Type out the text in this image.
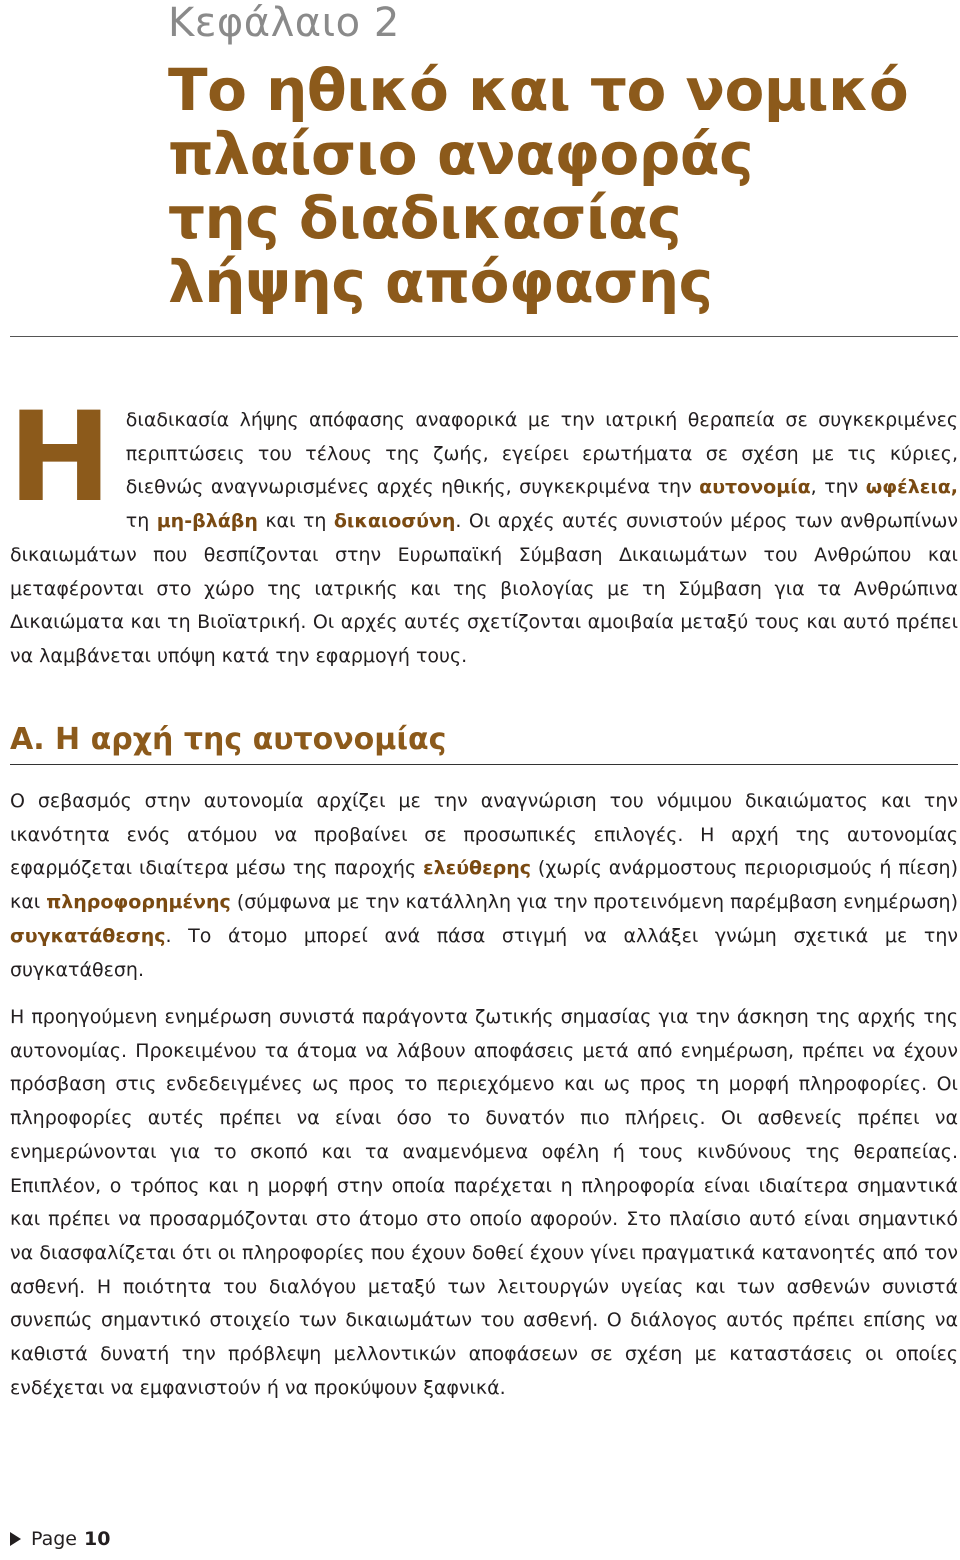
Κεφάλαιο 2
Το ηθικό και το νομικό
πλαίσιο αναφοράς
της διαδικασίας
λήψης απόφασης

Ηδιαδικασία λήψης απόφασης αναφορικά με την ιατρική θεραπεία σε συγκεκριμένες περιπτώσεις του τέλους της ζωής, εγείρει ερωτήματα σε σχέση με τις κύριες, διεθνώς αναγνωρισμένες αρχές ηθικής, συγκεκριμένα την αυτονομία, την ωφέλεια, τη μη-βλάβη και τη δικαιοσύνη. Οι αρχές αυτές συνιστούν μέρος των ανθρωπίνων δικαιωμάτων που θεσπίζονται στην Ευρωπαϊκή Σύμβαση Δικαιωμάτων του Ανθρώπου και μεταφέρονται στο χώρο της ιατρικής και της βιολογίας με τη Σύμβαση για τα Ανθρώπινα Δικαιώματα και τη Βιοϊατρική. Οι αρχές αυτές σχετίζονται αμοιβαία μεταξύ τους και αυτό πρέπει να λαμβάνεται υπόψη κατά την εφαρμογή τους.

Α. Η αρχή της αυτονομίας

Ο σεβασμός στην αυτονομία αρχίζει με την αναγνώριση του νόμιμου δικαιώματος και την ικανότητα ενός ατόμου να προβαίνει σε προσωπικές επιλογές. Η αρχή της αυτονομίας εφαρμόζεται ιδιαίτερα μέσω της παροχής ελεύθερης (χωρίς ανάρμοστους περιορισμούς ή πίεση) και πληροφορημένης (σύμφωνα με την κατάλληλη για την προτεινόμενη παρέμβαση ενημέρωση) συγκατάθεσης. Το άτομο μπορεί ανά πάσα στιγμή να αλλάξει γνώμη σχετικά με την συγκατάθεση.

Η προηγούμενη ενημέρωση συνιστά παράγοντα ζωτικής σημασίας για την άσκηση της αρχής της αυτονομίας. Προκειμένου τα άτομα να λάβουν αποφάσεις μετά από ενημέρωση, πρέπει να έχουν πρόσβαση στις ενδεδειγμένες ως προς το περιεχόμενο και ως προς τη μορφή πληροφορίες. Οι πληροφορίες αυτές πρέπει να είναι όσο το δυνατόν πιο πλήρεις. Οι ασθενείς πρέπει να ενημερώνονται για το σκοπό και τα αναμενόμενα οφέλη ή τους κινδύνους της θεραπείας. Επιπλέον, ο τρόπος και η μορφή στην οποία παρέχεται η πληροφορία είναι ιδιαίτερα σημαντικά και πρέπει να προσαρμόζονται στο άτομο στο οποίο αφορούν. Στο πλαίσιο αυτό είναι σημαντικό να διασφαλίζεται ότι οι πληροφορίες που έχουν δοθεί έχουν γίνει πραγματικά κατανοητές από τον ασθενή. Η ποιότητα του διαλόγου μεταξύ των λειτουργών υγείας και των ασθενών συνιστά συνεπώς σημαντικό στοιχείο των δικαιωμάτων του ασθενή. Ο διάλογος αυτός πρέπει επίσης να καθιστά δυνατή την πρόβλεψη μελλοντικών αποφάσεων σε σχέση με καταστάσεις οι οποίες ενδέχεται να εμφανιστούν ή να προκύψουν ξαφνικά.

Page 10
